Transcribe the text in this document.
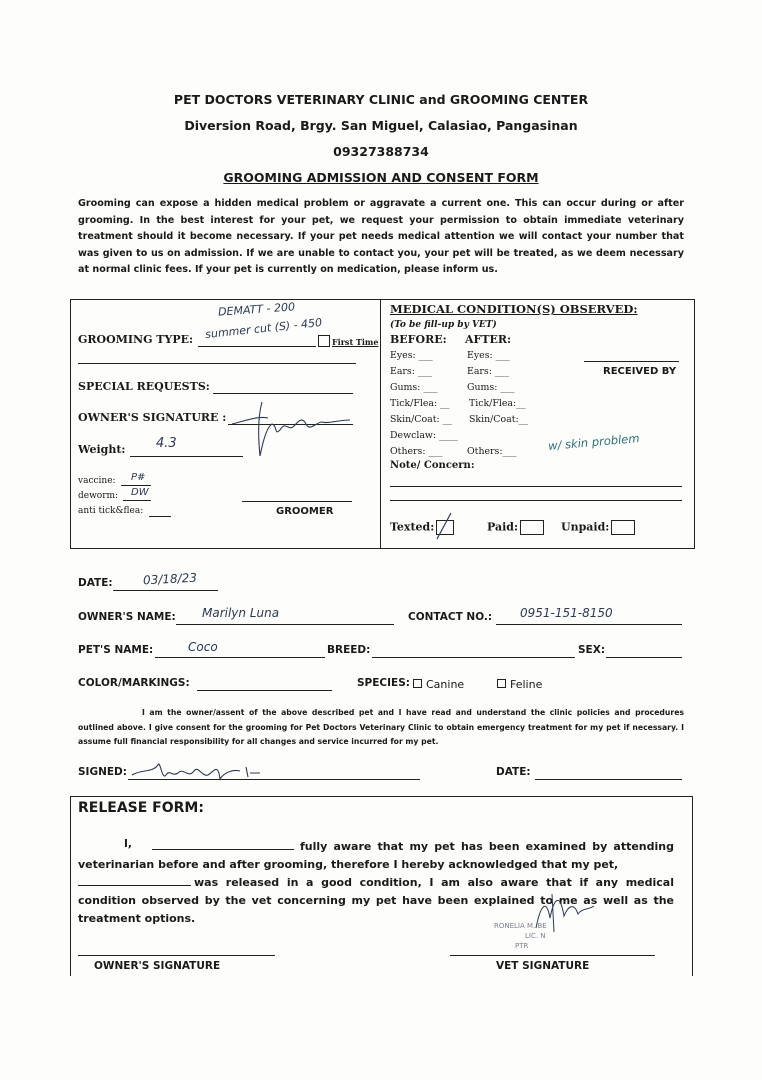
PET DOCTORS VETERINARY CLINIC and GROOMING CENTER
Diversion Road, Brgy. San Miguel, Calasiao, Pangasinan
09327388734
GROOMING ADMISSION AND CONSENT FORM
Grooming can expose a hidden medical problem or aggravate a current one. This can occur during or after grooming. In the best interest for your pet, we request your permission to obtain immediate veterinary treatment should it become necessary. If your pet needs medical attention we will contact your number that was given to us on admission. If we are unable to contact you, your pet will be treated, as we deem necessary at normal clinic fees. If your pet is currently on medication, please inform us.
DEMATT - 200
summer cut (S) - 450
GROOMING TYPE:	First Time
SPECIAL REQUESTS:
OWNER'S SIGNATURE :
Weight: 4.3
vaccine: P#
deworm: DW
anti tick&flea:	GROOMER
MEDICAL CONDITION(S) OBSERVED:
(To be fill-up by VET)
BEFORE: AFTER:
RECEIVED BY
Eyes: ___	Eyes: ___
Ears: ___	Ears: ___
Gums: ___	Gums: ___
Tick/Flea: __ Tick/Flea:__
Skin/Coat: __ Skin/Coat:__
Dewclaw: ____
Others: ___	Others:___	w/ skin problem
Note/ Concern:
Texted:	Paid:	Unpaid:
DATE:	03/18/23
OWNER'S NAME: Marilyn Luna	CONTACT NO.: 0951-151-8150
PET'S NAME:	Coco	BREED:	SEX:
COLOR/MARKINGS:	SPECIES:	Canine	Feline
I am the owner/assent of the above described pet and I have read and understand the clinic policies and procedures outlined above. I give consent for the grooming for Pet Doctors Veterinary Clinic to obtain emergency treatment for my pet if necessary. I assume full financial responsibility for all changes and service incurred for my pet.
SIGNED:	DATE:
RELEASE FORM:
I,	fully aware that my pet has been examined by attending veterinarian before and after grooming, therefore I hereby acknowledged that my pet,
was released in a good condition, I am also aware that if any medical condition observed by the vet concerning my pet have been explained to me as well as the treatment options.
RONELIA M. BE
LIC. N
PTR
OWNER'S SIGNATURE	VET SIGNATURE
